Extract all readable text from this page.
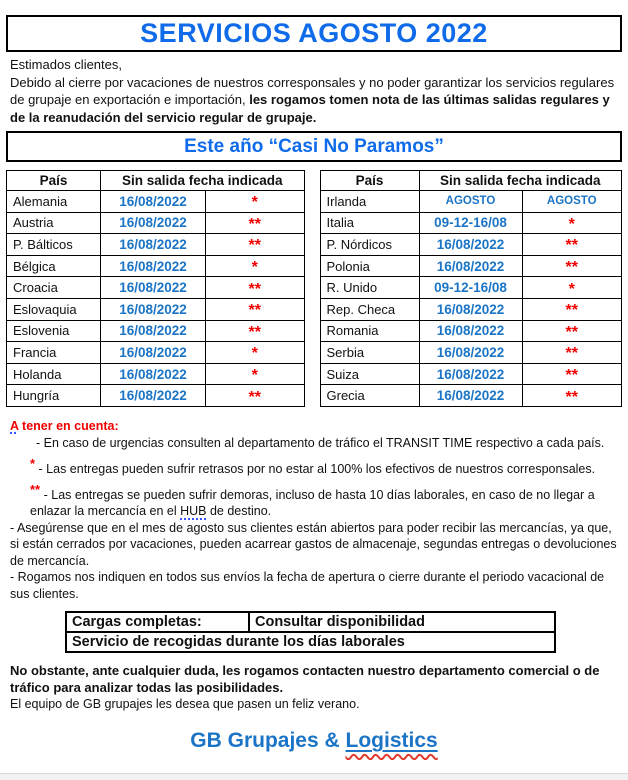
SERVICIOS AGOSTO 2022

Estimados clientes,
Debido al cierre por vacaciones de nuestros corresponsales y no poder garantizar los servicios regulares de grupaje en exportación e importación, les rogamos tomen nota de las últimas salidas regulares y de la reanudación del servicio regular de grupaje.

Este año “Casi No Paramos”
País	Sin salida fecha indicada	
Alemania	16/08/2022	*
Austria	16/08/2022	**
P. Bálticos	16/08/2022	**
Bélgica	16/08/2022	*
Croacia	16/08/2022	**
Eslovaquia	16/08/2022	**
Eslovenia	16/08/2022	**
Francia	16/08/2022	*
Holanda	16/08/2022	*
Hungría	16/08/2022	**
País	Sin salida fecha indicada	
Irlanda	AGOSTO	AGOSTO
Italia	09-12-16/08	*
P. Nórdicos	16/08/2022	**
Polonia	16/08/2022	**
R. Unido	09-12-16/08	*
Rep. Checa	16/08/2022	**
Romania	16/08/2022	**
Serbia	16/08/2022	**
Suiza	16/08/2022	**
Grecia	16/08/2022	**
A tener en cuenta:
- En caso de urgencias consulten al departamento de tráfico el TRANSIT TIME respectivo a cada país.
* - Las entregas pueden sufrir retrasos por no estar al 100% los efectivos de nuestros corresponsales.
** - Las entregas se pueden sufrir demoras, incluso de hasta 10 días laborales, en caso de no llegar a enlazar la mercancía en el HUB de destino.
- Asegúrense que en el mes de agosto sus clientes están abiertos para poder recibir las mercancías, ya que, si están cerrados por vacaciones, pueden acarrear gastos de almacenaje, segundas entregas o devoluciones de mercancía.
- Rogamos nos indiquen en todos sus envíos la fecha de apertura o cierre durante el periodo vacacional de sus clientes.
Cargas completas:	Consultar disponibilidad
Servicio de recogidas durante los días laborales

No obstante, ante cualquier duda, les rogamos contacten nuestro departamento comercial o de tráfico para analizar todas las posibilidades.

El equipo de GB grupajes les desea que pasen un feliz verano.

GB Grupajes & Logistics
